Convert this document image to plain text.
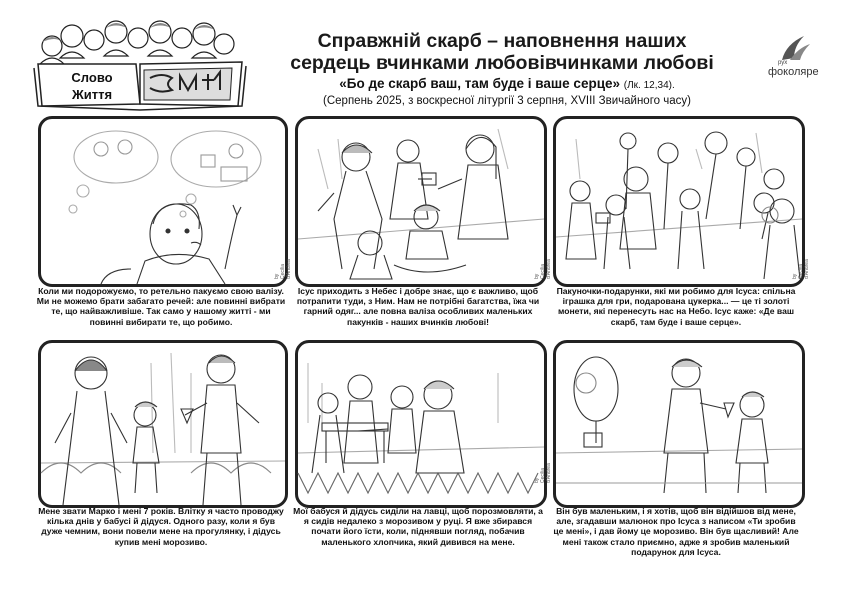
Слово
Життя
Справжній скарб – наповнення наших
сердець вчинками любовівчинками любові
«Бо де скарб ваш, там буде і ваше серце» (Лк. 12,34).
(Серпень 2025, з воскресної літургії 3 серпня, XVIII Звичайного часу)
рух
фоколяре
by Cecilia d'Andrea
Коли ми подорожуємо, то ретельно пакуємо свою валізу. Ми не можемо брати забагато речей: але повинні вибрати те, що найважливіше. Так само у нашому житті - ми повинні вибирати те, що робимо.
by Cecilia d'Andrea
Ісус приходить з Небес і добре знає, що є важливо, щоб потрапити туди, з Ним. Нам не потрібні багатства, їжа чи гарний одяг... але повна валіза особливих маленьких пакунків - наших вчинків любові!
by Cecilia d'Andrea
Пакуночки-подарунки, які ми робимо для Ісуса: спільна іграшка для гри, подарована цукерка... — це ті золоті монети, які перенесуть нас на Небо. Ісус каже: «Де ваш скарб, там буде і ваше серце».
Мене звати Марко і мені 7 років. Влітку я часто проводжу кілька днів у бабусі й дідуся. Одного разу, коли я був дуже чемним, вони повели мене на прогулянку, і дідусь купив мені морозиво.
by Cecilia d'Andrea
Мої бабуся й дідусь сиділи на лавці, щоб порозмовляти, а я сидів недалеко з морозивом у руці. Я вже збирався почати його їсти, коли, піднявши погляд, побачив маленького хлопчика, який дивився на мене.
Він був маленьким, і я хотів, щоб він відійшов від мене, але, згадавши малюнок про Ісуса з написом «Ти зробив це мені», і дав йому це морозиво. Він був щасливий! Але мені також стало приємно, адже я зробив маленький подарунок для Ісуса.
